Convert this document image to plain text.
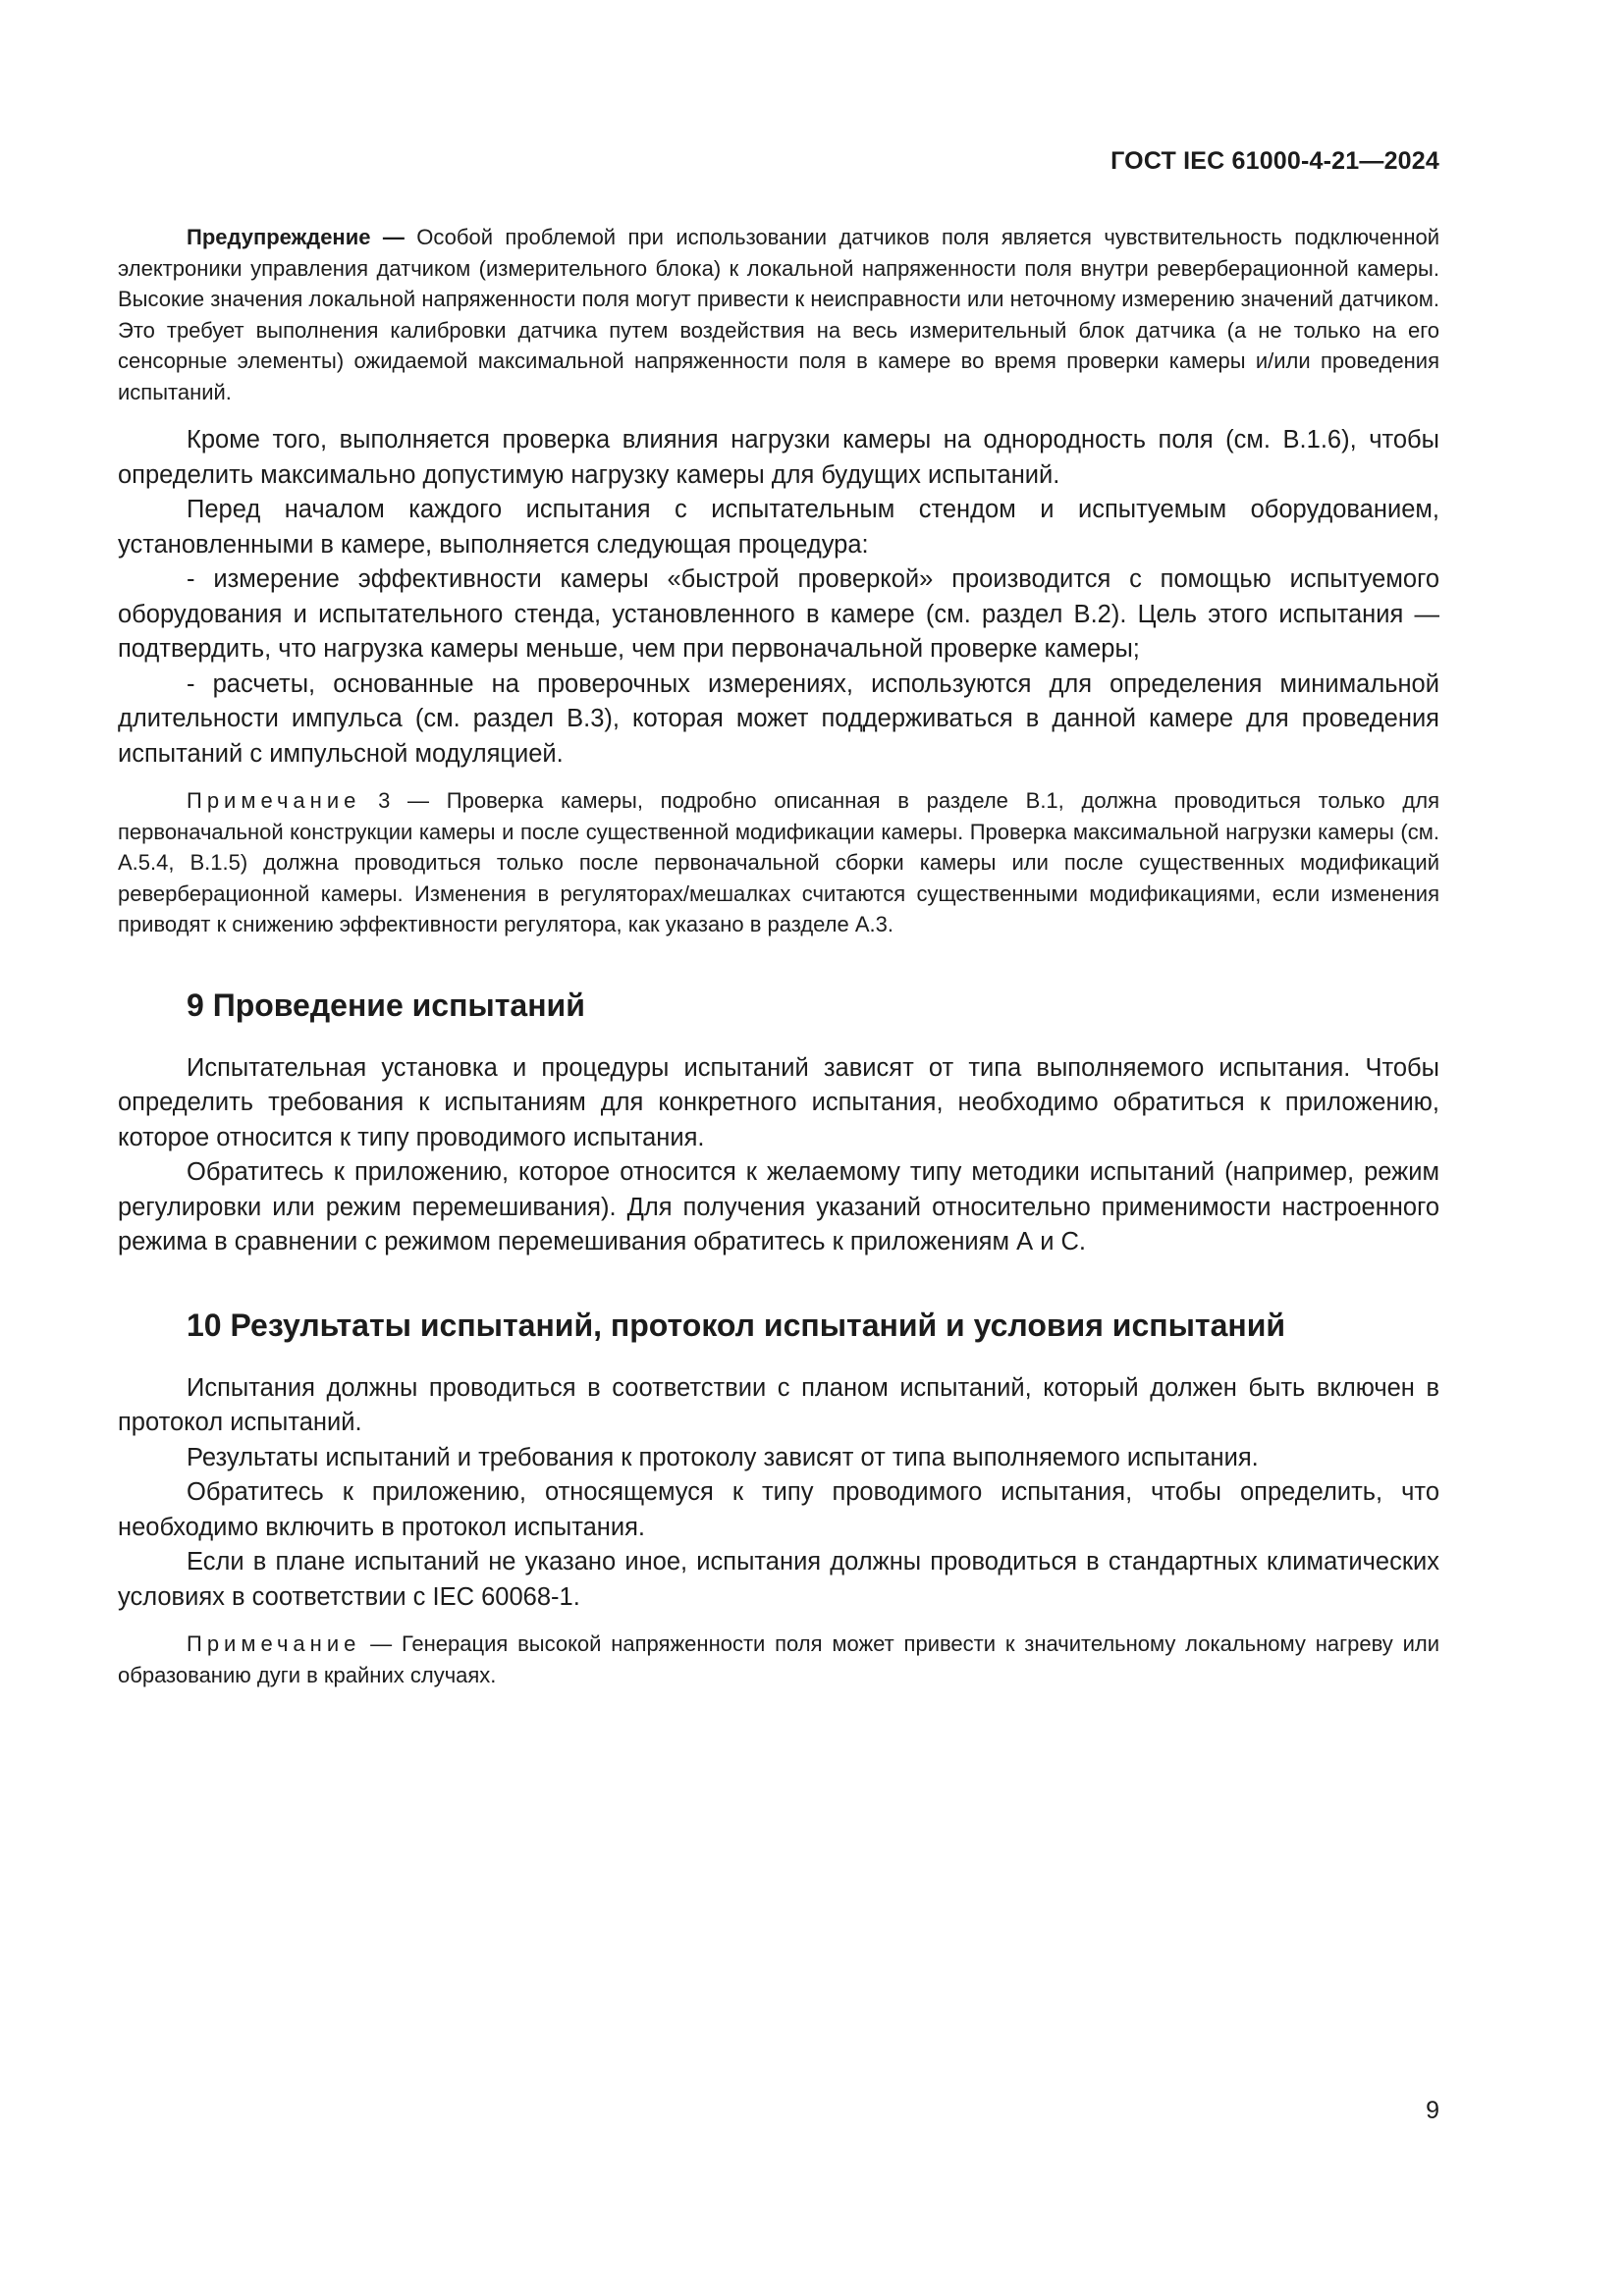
ГОСТ IEC 61000-4-21—2024

Предупреждение — Особой проблемой при использовании датчиков поля является чувствительность подключенной электроники управления датчиком (измерительного блока) к локальной напряженности поля внутри реверберационной камеры. Высокие значения локальной напряженности поля могут привести к неисправности или неточному измерению значений датчиком. Это требует выполнения калибровки датчика путем воздействия на весь измерительный блок датчика (а не только на его сенсорные элементы) ожидаемой максимальной напряженности поля в камере во время проверки камеры и/или проведения испытаний.

Кроме того, выполняется проверка влияния нагрузки камеры на однородность поля (см. В.1.6), чтобы определить максимально допустимую нагрузку камеры для будущих испытаний.

Перед началом каждого испытания с испытательным стендом и испытуемым оборудованием, установленными в камере, выполняется следующая процедура:

- измерение эффективности камеры «быстрой проверкой» производится с помощью испытуемого оборудования и испытательного стенда, установленного в камере (см. раздел В.2). Цель этого испытания — подтвердить, что нагрузка камеры меньше, чем при первоначальной проверке камеры;

- расчеты, основанные на проверочных измерениях, используются для определения минимальной длительности импульса (см. раздел В.3), которая может поддерживаться в данной камере для проведения испытаний с импульсной модуляцией.

Примечание 3 — Проверка камеры, подробно описанная в разделе В.1, должна проводиться только для первоначальной конструкции камеры и после существенной модификации камеры. Проверка максимальной нагрузки камеры (см. А.5.4, В.1.5) должна проводиться только после первоначальной сборки камеры или после существенных модификаций реверберационной камеры. Изменения в регуляторах/мешалках считаются существенными модификациями, если изменения приводят к снижению эффективности регулятора, как указано в разделе А.3.

9 Проведение испытаний

Испытательная установка и процедуры испытаний зависят от типа выполняемого испытания. Чтобы определить требования к испытаниям для конкретного испытания, необходимо обратиться к приложению, которое относится к типу проводимого испытания.

Обратитесь к приложению, которое относится к желаемому типу методики испытаний (например, режим регулировки или режим перемешивания). Для получения указаний относительно применимости настроенного режима в сравнении с режимом перемешивания обратитесь к приложениям А и С.

10 Результаты испытаний, протокол испытаний и условия испытаний

Испытания должны проводиться в соответствии с планом испытаний, который должен быть включен в протокол испытаний.

Результаты испытаний и требования к протоколу зависят от типа выполняемого испытания.

Обратитесь к приложению, относящемуся к типу проводимого испытания, чтобы определить, что необходимо включить в протокол испытания.

Если в плане испытаний не указано иное, испытания должны проводиться в стандартных климатических условиях в соответствии с IEC 60068-1.

Примечание — Генерация высокой напряженности поля может привести к значительному локальному нагреву или образованию дуги в крайних случаях.

9
